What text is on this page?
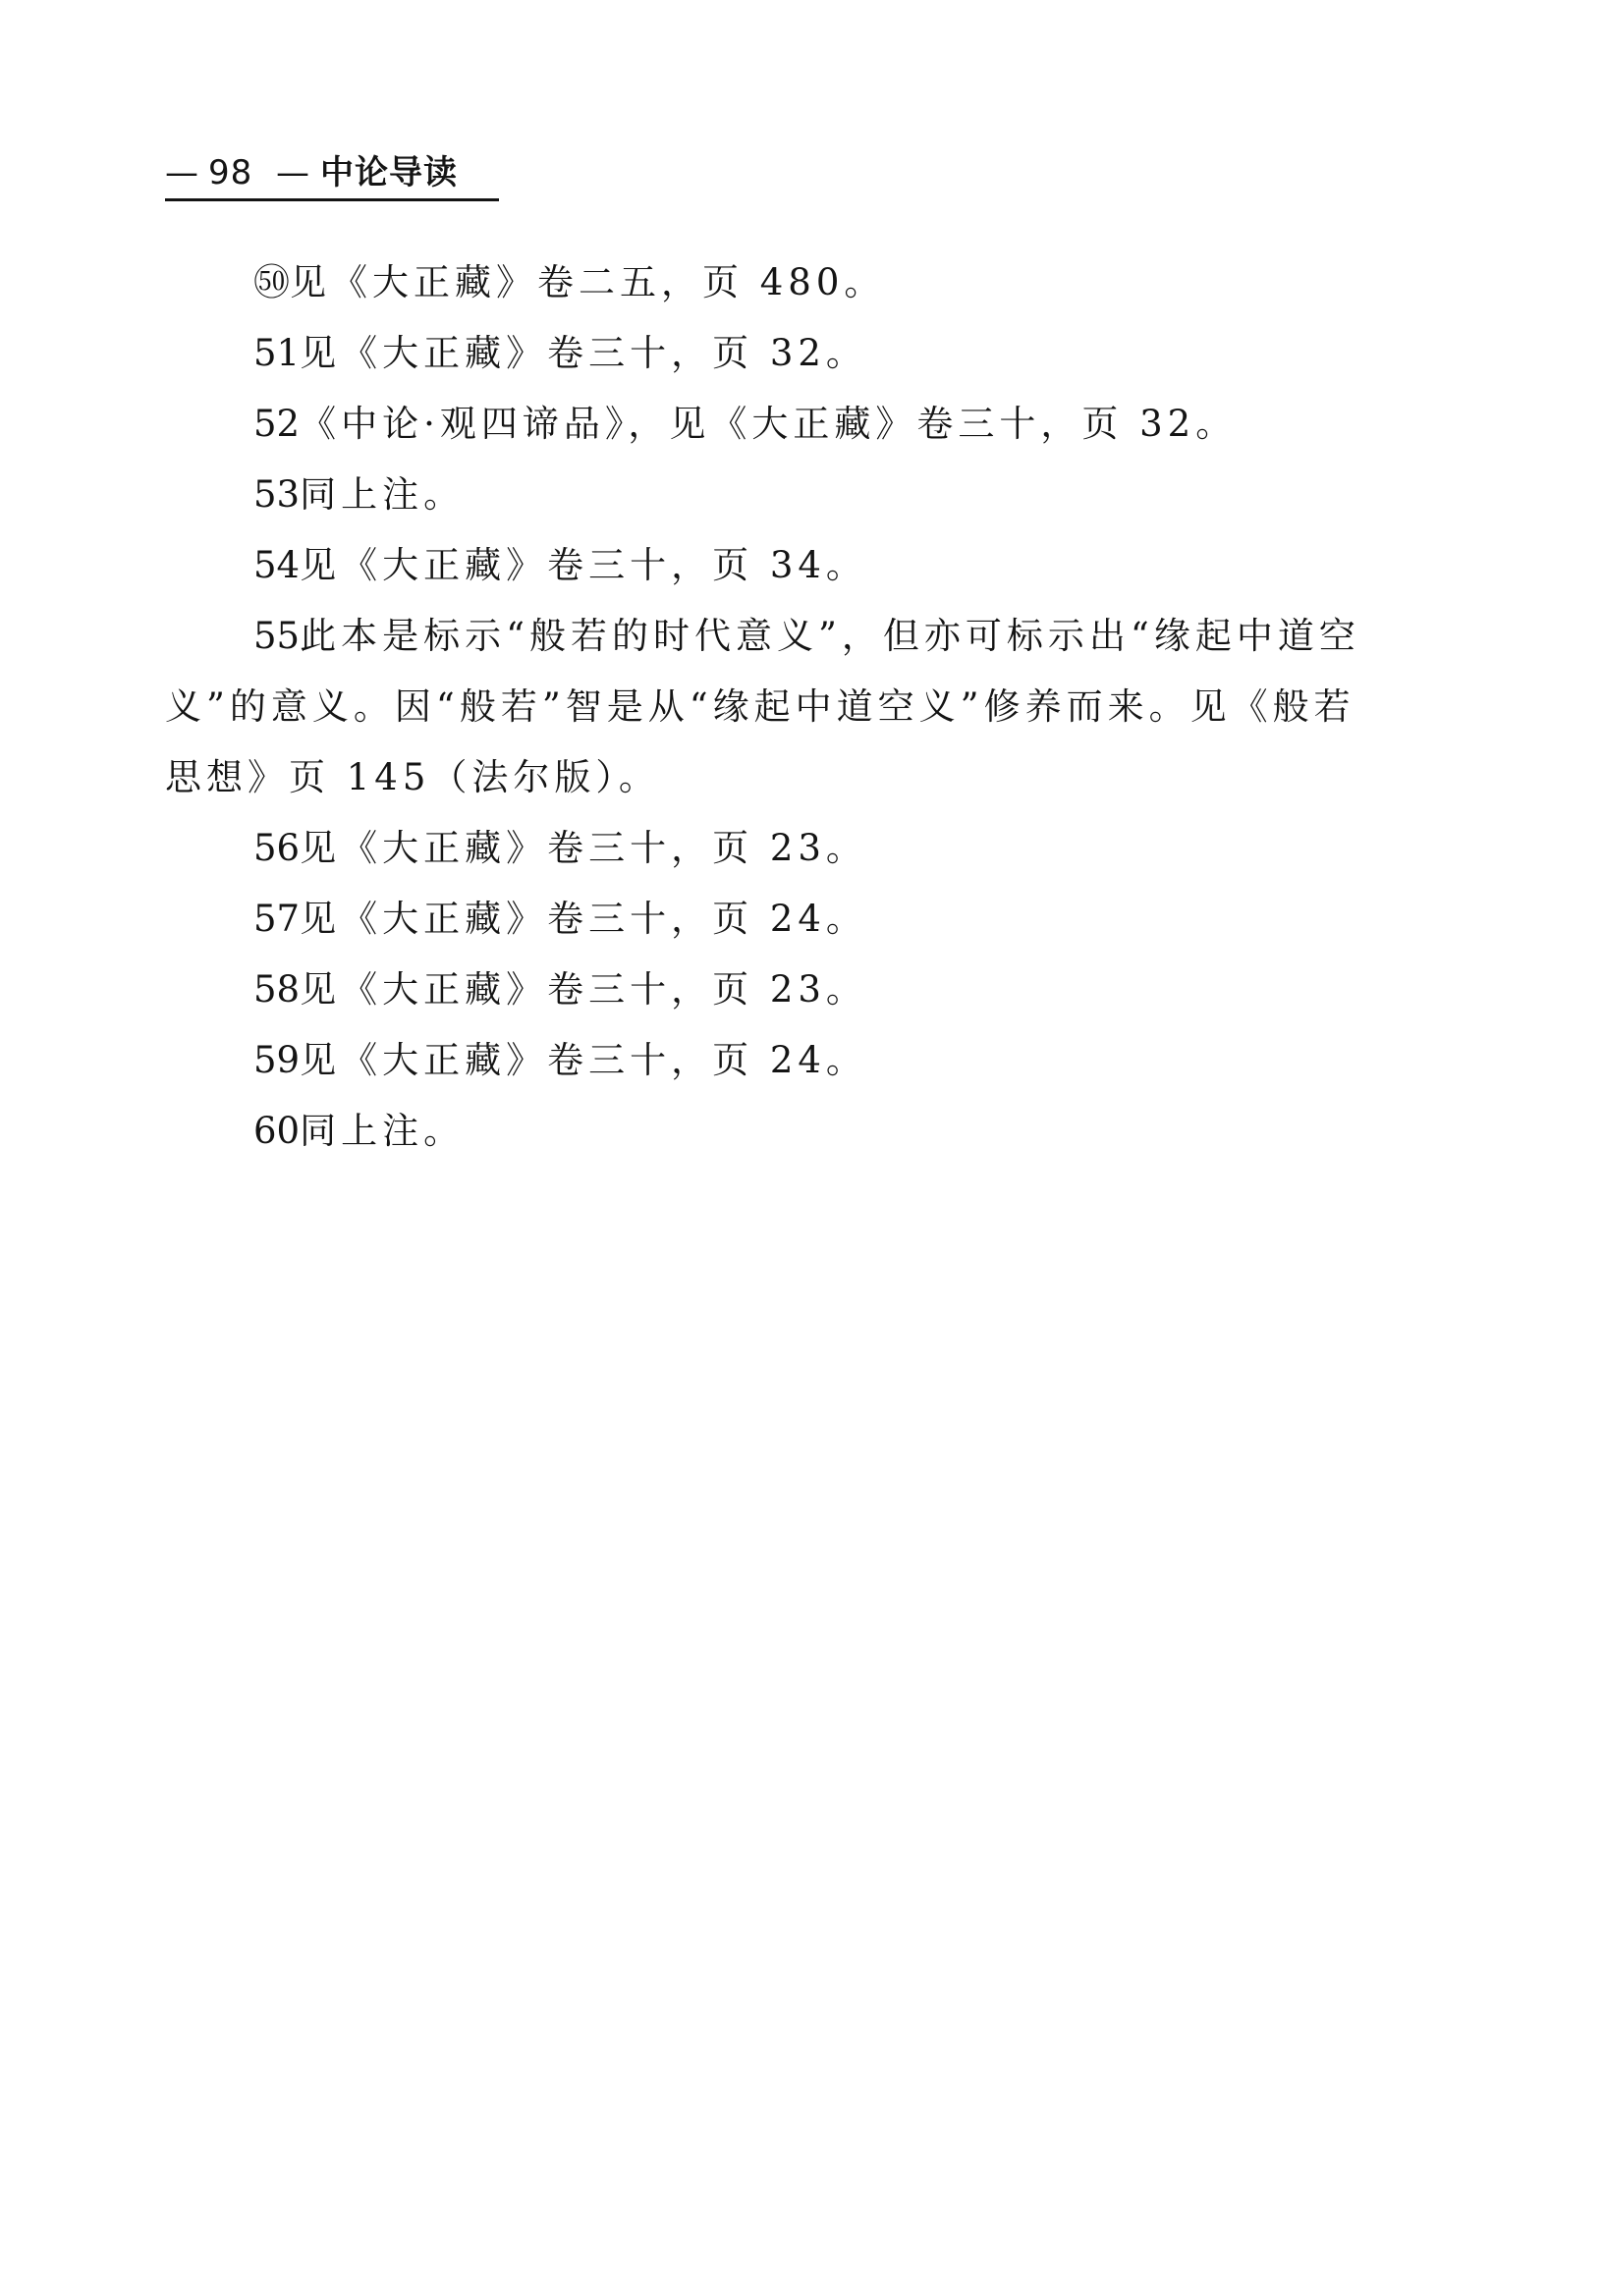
— 98 — 中论导读

㊿见《大正藏》卷二五，页 480。

51见《大正藏》卷三十，页 32。

52《中论·观四谛品》，见《大正藏》卷三十，页 32。

53同上注。

54见《大正藏》卷三十，页 34。

55此本是标示“般若的时代意义”，但亦可标示出“缘起中道空义”的意义。因“般若”智是从“缘起中道空义”修养而来。见《般若思想》页 145（法尔版）。

56见《大正藏》卷三十，页 23。

57见《大正藏》卷三十，页 24。

58见《大正藏》卷三十，页 23。

59见《大正藏》卷三十，页 24。

60同上注。
